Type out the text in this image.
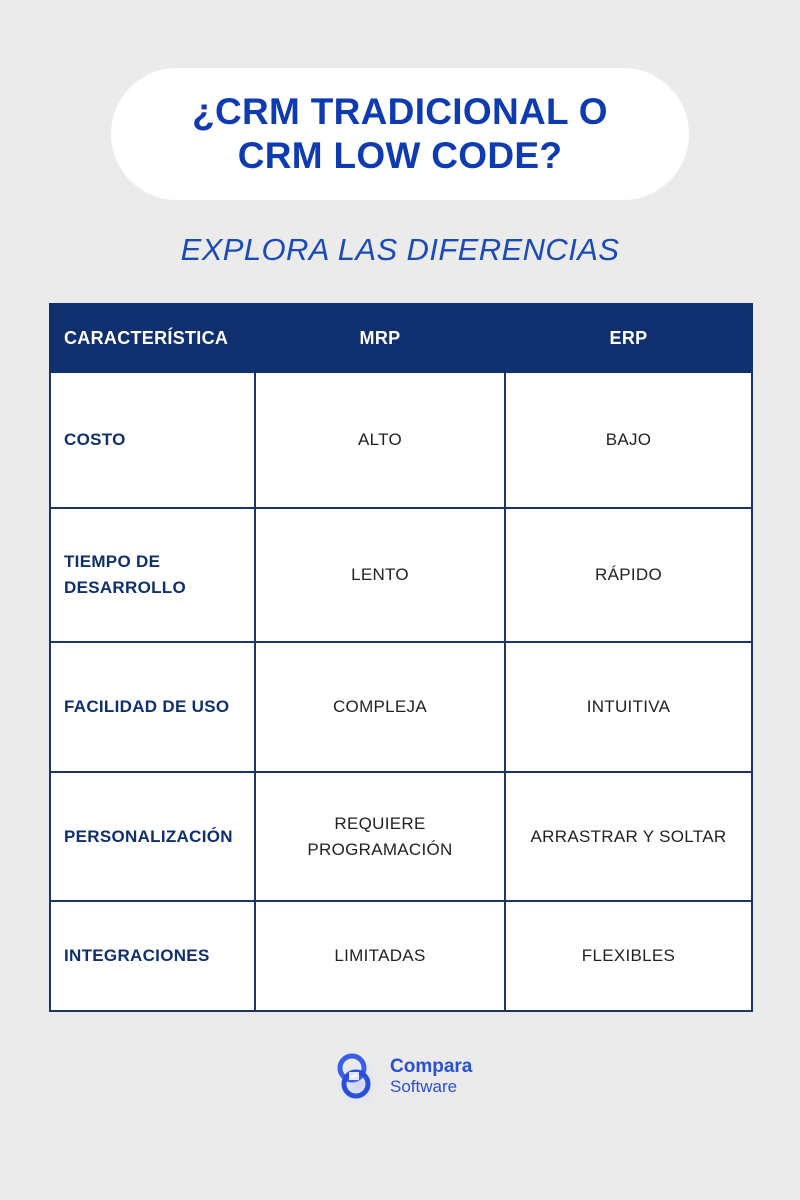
¿CRM TRADICIONAL O
CRM LOW CODE?
EXPLORA LAS DIFERENCIAS
CARACTERÍSTICA	MRP	ERP
COSTO	ALTO	BAJO
TIEMPO DE DESARROLLO	LENTO	RÁPIDO
FACILIDAD DE USO	COMPLEJA	INTUITIVA
PERSONALIZACIÓN	REQUIERE PROGRAMACIÓN	ARRASTRAR Y SOLTAR
INTEGRACIONES	LIMITADAS	FLEXIBLES
Compara
Software
